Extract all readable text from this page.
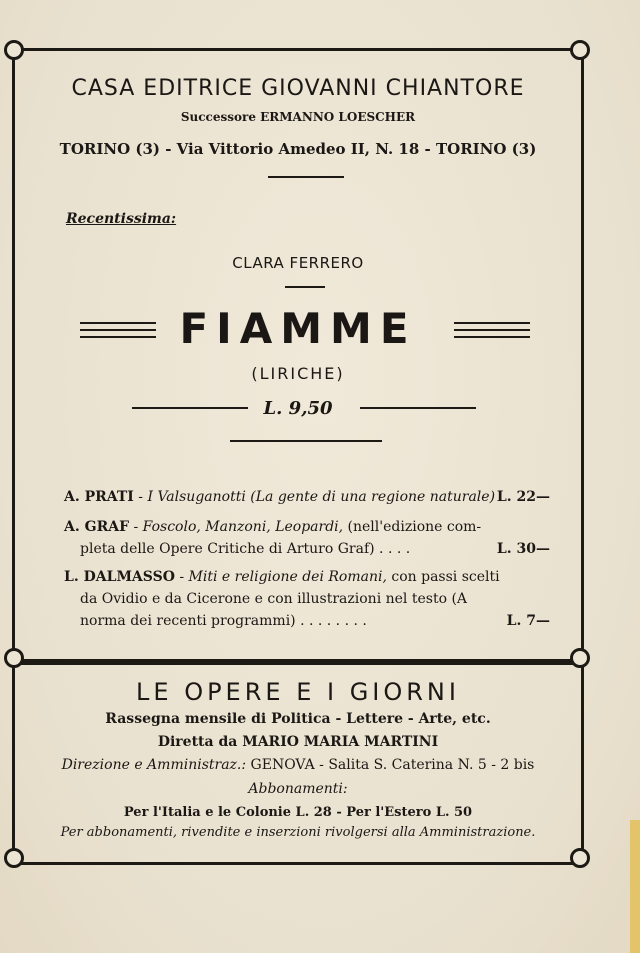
CASA EDITRICE GIOVANNI CHIANTORE
Successore ERMANNO LOESCHER
TORINO (3) - Via Vittorio Amedeo II, N. 18 - TORINO (3)
Recentissima:
CLARA FERRERO
FIAMME
(LIRICHE)
L. 9,50
A. PRATI - I Valsuganotti (La gente di una regione naturale) L. 22—
A. GRAF - Foscolo, Manzoni, Leopardi, (nell'edizione com-
pleta delle Opere Critiche di Arturo Graf) . . . .	L. 30—
L. DALMASSO - Miti e religione dei Romani, con passi scelti
da Ovidio e da Cicerone e con illustrazioni nel testo (A
norma dei recenti programmi) . . . . . . . .	L. 7—
LE OPERE E I GIORNI
Rassegna mensile di Politica - Lettere - Arte, etc.
Diretta da MARIO MARIA MARTINI
Direzione e Amministraz.: GENOVA - Salita S. Caterina N. 5 - 2 bis
Abbonamenti:
Per l'Italia e le Colonie L. 28 - Per l'Estero L. 50
Per abbonamenti, rivendite e inserzioni rivolgersi alla Amministrazione.
